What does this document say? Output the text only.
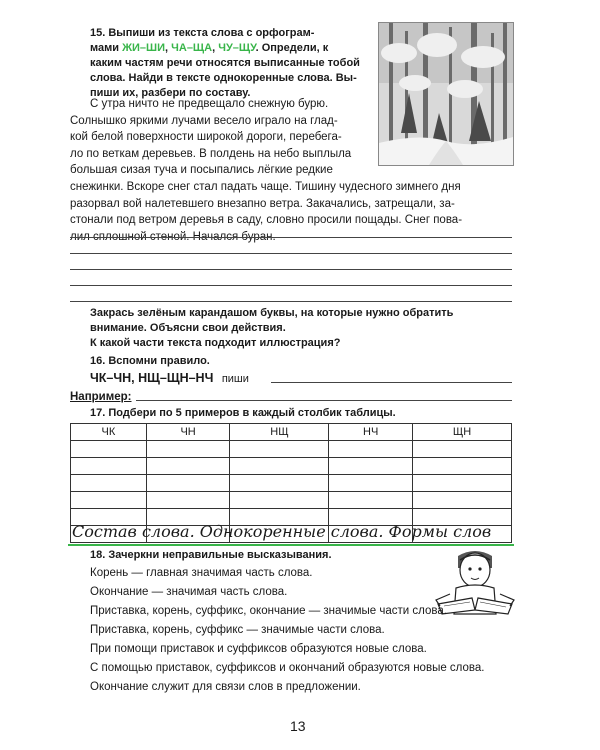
15. Выпиши из текста слова с орфограм-
мами ЖИ–ШИ, ЧА–ЩА, ЧУ–ЩУ. Определи, к
каким частям речи относятся выписанные тобой
слова. Найди в тексте однокоренные слова. Вы-
пиши их, разбери по составу.
С утра ничто не предвещало снежную бурю.
Солнышко яркими лучами весело играло на глад-
кой белой поверхности широкой дороги, перебега-
ло по веткам деревьев. В полдень на небо выплыла
большая сизая туча и посыпались лёгкие редкие
снежинки. Вскоре снег стал падать чаще. Тишину чудесного зимнего дня
разорвал вой налетевшего внезапно ветра. Закачались, затрещали, за-
стонали под ветром деревья в саду, словно просили пощады. Снег пова-
лил сплошной стеной. Начался буран.
Закрась зелёным карандашом буквы, на которые нужно обратить
внимание. Объясни свои действия.
К какой части текста подходит иллюстрация?
16. Вспомни правило.
ЧК–ЧН, НЩ–ЩН–НЧ пиши
Например:
17. Подбери по 5 примеров в каждый столбик таблицы.
ЧК	ЧН	НЩ	НЧ	ЩН

Состав слова. Однокоренные слова. Формы слов
18. Зачеркни неправильные высказывания.
Корень — главная значимая часть слова.
Окончание — значимая часть слова.
Приставка, корень, суффикс, окончание — значимые части слова.
Приставка, корень, суффикс — значимые части слова.
При помощи приставок и суффиксов образуются новые слова.
С помощью приставок, суффиксов и окончаний образуются новые слова.
Окончание служит для связи слов в предложении.
13
